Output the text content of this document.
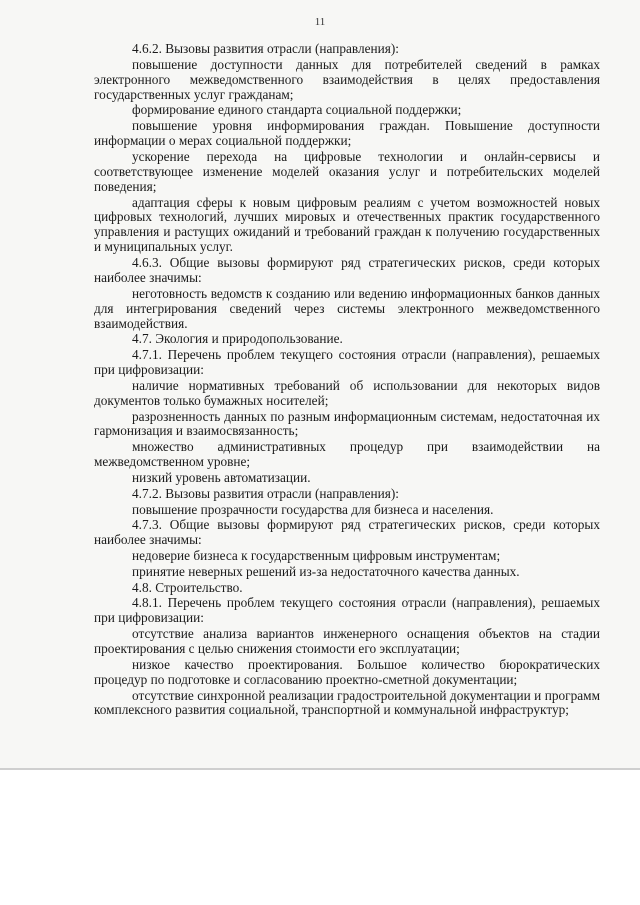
11

4.6.2. Вызовы развития отрасли (направления):

повышение доступности данных для потребителей сведений в рамках электронного межведомственного взаимодействия в целях предоставления государственных услуг гражданам;

формирование единого стандарта социальной поддержки;

повышение уровня информирования граждан. Повышение доступности информации о мерах социальной поддержки;

ускорение перехода на цифровые технологии и онлайн-сервисы и соответствующее изменение моделей оказания услуг и потребительских моделей поведения;

адаптация сферы к новым цифровым реалиям с учетом возможностей новых цифровых технологий, лучших мировых и отечественных практик государственного управления и растущих ожиданий и требований граждан к получению государственных и муниципальных услуг.

4.6.3. Общие вызовы формируют ряд стратегических рисков, среди которых наиболее значимы:

неготовность ведомств к созданию или ведению информационных банков данных для интегрирования сведений через системы электронного межведомственного взаимодействия.

4.7. Экология и природопользование.

4.7.1. Перечень проблем текущего состояния отрасли (направления), решаемых при цифровизации:

наличие нормативных требований об использовании для некоторых видов документов только бумажных носителей;

разрозненность данных по разным информационным системам, недостаточная их гармонизация и взаимосвязанность;

множество административных процедур при взаимодействии на межведомственном уровне;

низкий уровень автоматизации.

4.7.2. Вызовы развития отрасли (направления):

повышение прозрачности государства для бизнеса и населения.

4.7.3. Общие вызовы формируют ряд стратегических рисков, среди которых наиболее значимы:

недоверие бизнеса к государственным цифровым инструментам;

принятие неверных решений из-за недостаточного качества данных.

4.8. Строительство.

4.8.1. Перечень проблем текущего состояния отрасли (направления), решаемых при цифровизации:

отсутствие анализа вариантов инженерного оснащения объектов на стадии проектирования с целью снижения стоимости его эксплуатации;

низкое качество проектирования. Большое количество бюрократических процедур по подготовке и согласованию проектно-сметной документации;

отсутствие синхронной реализации градостроительной документации и программ комплексного развития социальной, транспортной и коммунальной инфраструктур;
